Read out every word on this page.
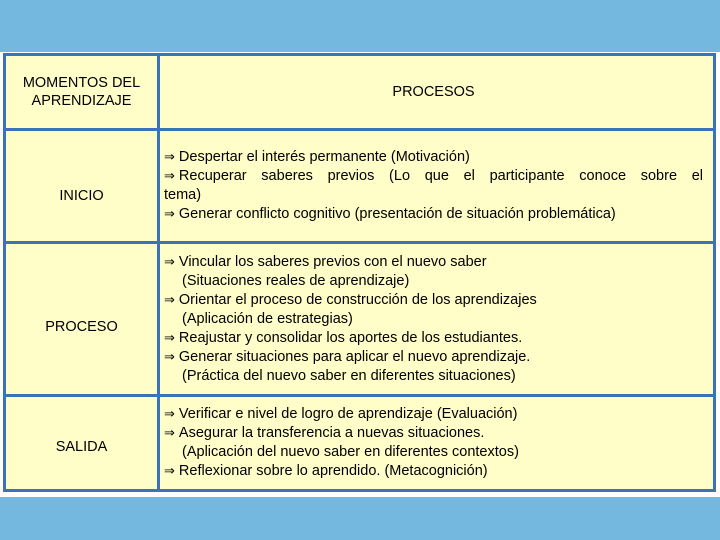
MOMENTOS DEL
APRENDIZAJE
PROCESOS
INICIO
⇒ Despertar el interés permanente (Motivación)
⇒ Recuperar saberes previos (Lo que el participante conoce sobre el
tema)
⇒ Generar conflicto cognitivo (presentación de situación problemática)
PROCESO
⇒ Vincular los saberes previos con el nuevo saber
(Situaciones reales de aprendizaje)
⇒ Orientar el proceso de construcción de los aprendizajes
(Aplicación de estrategias)
⇒ Reajustar y consolidar los aportes de los estudiantes.
⇒ Generar situaciones para aplicar el nuevo aprendizaje.
(Práctica del nuevo saber en diferentes situaciones)
SALIDA
⇒ Verificar e nivel de logro de aprendizaje (Evaluación)
⇒ Asegurar la transferencia a nuevas situaciones.
(Aplicación del nuevo saber en diferentes contextos)
⇒ Reflexionar sobre lo aprendido. (Metacognición)
